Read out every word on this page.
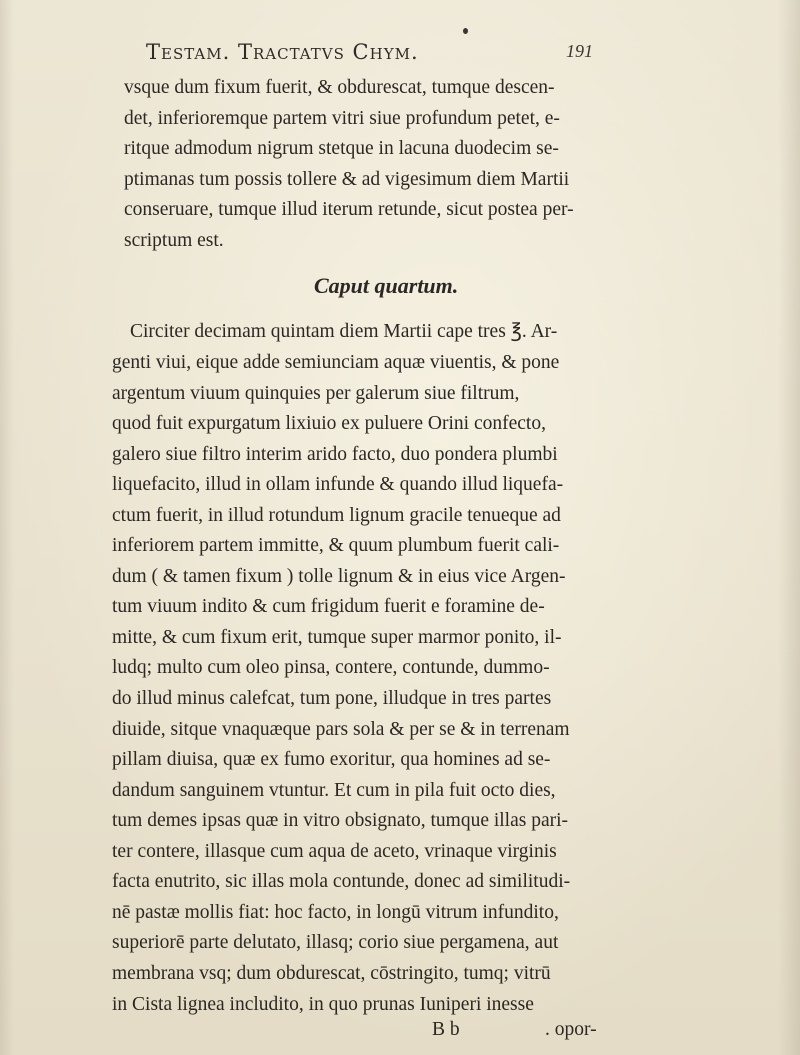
Testam. Tractatvs Chym.	191
vsque dum fixum fuerit, & obdurescat, tumque descen-
det, inferioremque partem vitri siue profundum petet, e-
ritque admodum nigrum stetque in lacuna duodecim se-
ptimanas tum possis tollere & ad vigesimum diem Martii
conseruare, tumque illud iterum retunde, sicut postea per-
scriptum est.
Caput quartum.
Circiter decimam quintam diem Martii cape tres ℥. Ar-
genti viui, eique adde semiunciam aquæ viuentis, & pone
argentum viuum quinquies per galerum siue filtrum,
quod fuit expurgatum lixiuio ex puluere Orini confecto,
galero siue filtro interim arido facto, duo pondera plumbi
liquefacito, illud in ollam infunde & quando illud liquefa-
ctum fuerit, in illud rotundum lignum gracile tenueque ad
inferiorem partem immitte, & quum plumbum fuerit cali-
dum ( & tamen fixum ) tolle lignum & in eius vice Argen-
tum viuum indito & cum frigidum fuerit e foramine de-
mitte, & cum fixum erit, tumque super marmor ponito, il-
ludq; multo cum oleo pinsa, contere, contunde, dummo-
do illud minus calefcat, tum pone, illudque in tres partes
diuide, sitque vnaquæque pars sola & per se & in terrenam
pillam diuisa, quæ ex fumo exoritur, qua homines ad se-
dandum sanguinem vtuntur. Et cum in pila fuit octo dies,
tum demes ipsas quæ in vitro obsignato, tumque illas pari-
ter contere, illasque cum aqua de aceto, vrinaque virginis
facta enutrito, sic illas mola contunde, donec ad similitudi-
nē pastæ mollis fiat: hoc facto, in longū vitrum infundito,
superiorē parte delutato, illasq; corio siue pergamena, aut
membrana vsq; dum obdurescat, cōstringito, tumq; vitrū
in Cista lignea includito, in quo prunas Iuniperi inesse
B b	. opor-
